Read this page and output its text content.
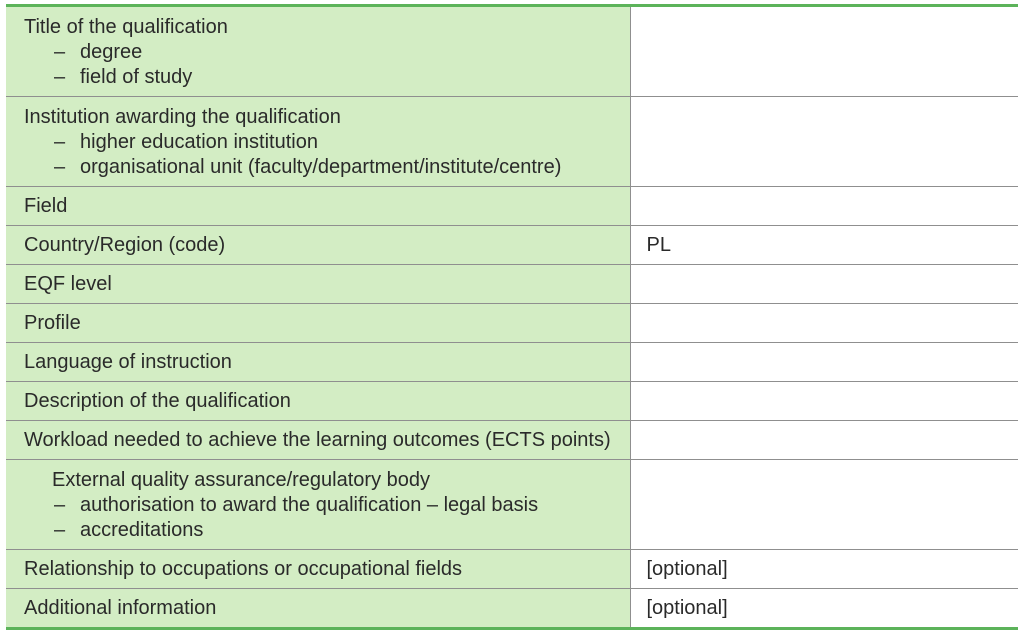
Title of the qualification
– degree
– field of study	

Institution awarding the qualification
– higher education institution
– organisational unit (faculty/department/institute/centre)	

Field	

Country/Region (code)	PL

EQF level	

Profile	

Language of instruction	

Description of the qualification	

Workload needed to achieve the learning outcomes (ECTS points)	

External quality assurance/regulatory body
– authorisation to award the qualification – legal basis
– accreditations	

Relationship to occupations or occupational fields	[optional]

Additional information	[optional]
